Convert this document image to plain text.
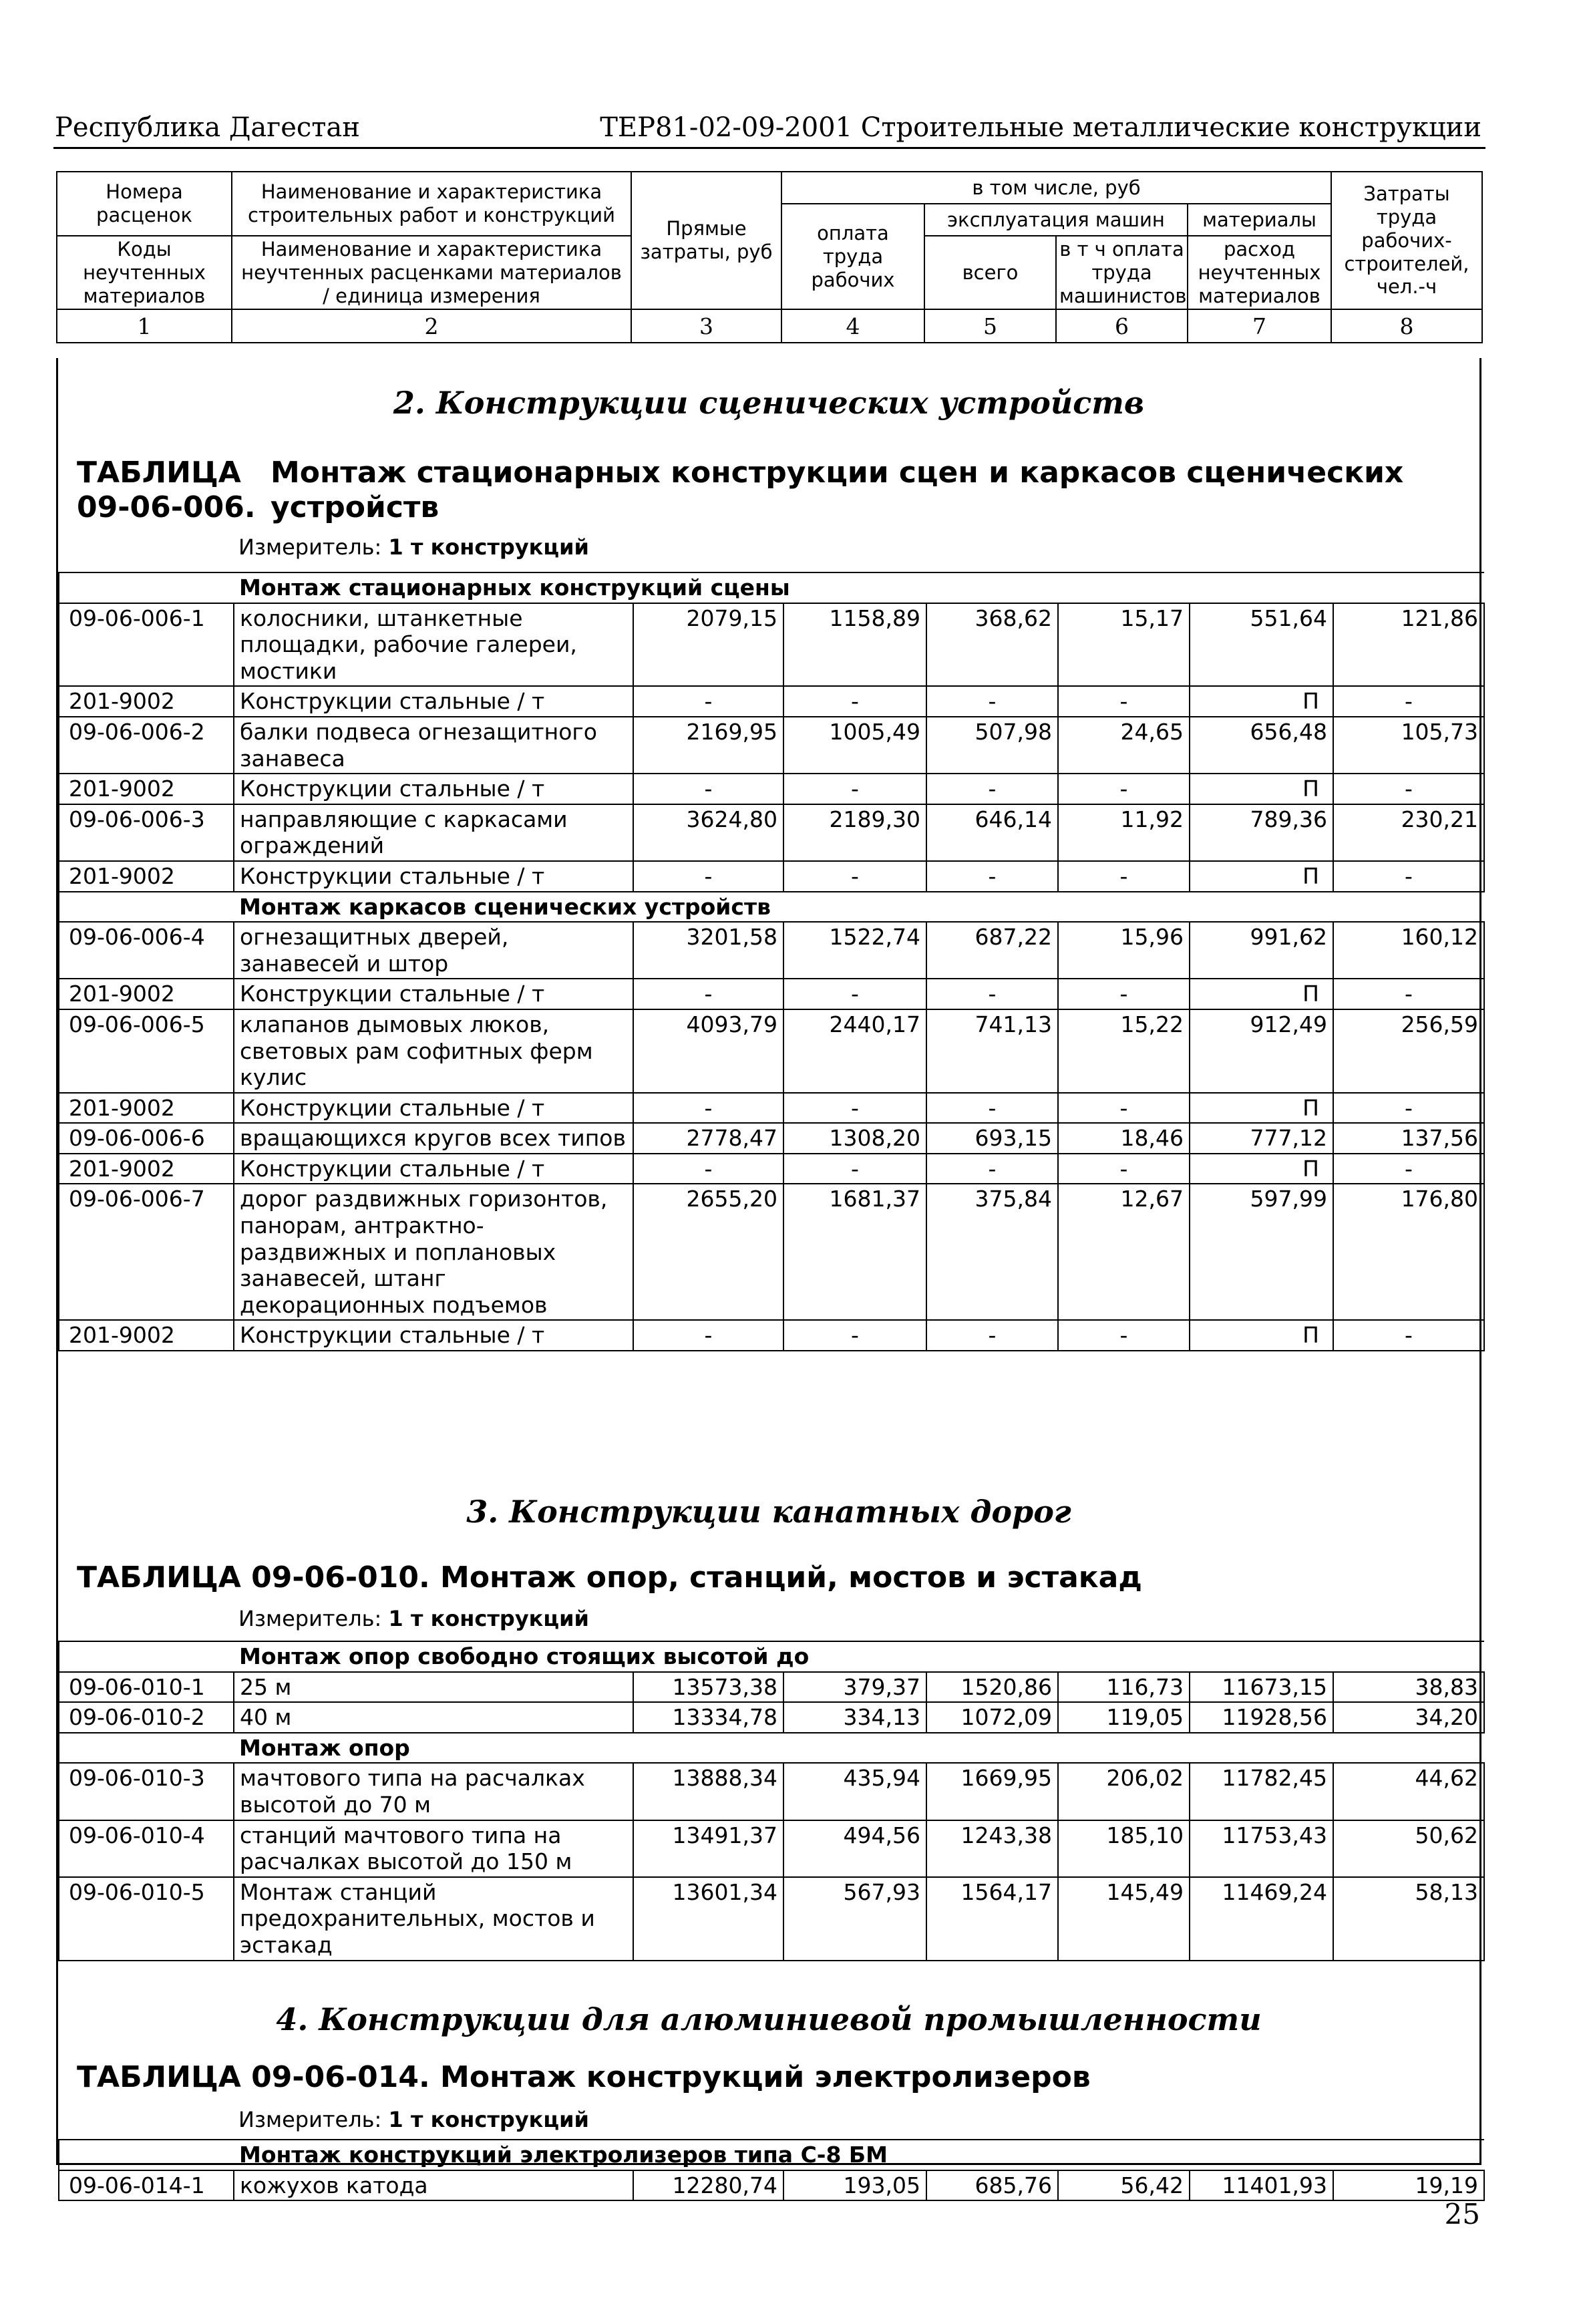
Республика Дагестан	ТЕР81-02-09-2001 Строительные металлические конструкции
Номера расценок	Наименование и характеристика строительных работ и конструкций	Прямые затраты, руб	в том числе, руб				Затраты труда рабочих-строителей, чел.-ч
			оплата труда рабочих	эксплуатация машин		материалы	
Коды неучтенных материалов	Наименование и характеристика неучтенных расценками материалов / единица измерения			всего	в т ч оплата труда машинистов	расход неучтенных материалов	

1	2	3	4	5	6	7	8
2. Конструкции сценических устройств
ТАБЛИЦА 09-06-006.Монтаж стационарных конструкции сцен и каркасов сценических устройств
Измеритель: 1 т конструкций
	Монтаж стационарных конструкций сцены						
09-06-006-1	колосники, штанкетные площадки, рабочие галереи, мостики	2079,15	1158,89	368,62	15,17	551,64	121,86
201-9002	Конструкции стальные / т	-	-	-	-	П	-
09-06-006-2	балки подвеса огнезащитного занавеса	2169,95	1005,49	507,98	24,65	656,48	105,73
201-9002	Конструкции стальные / т	-	-	-	-	П	-
09-06-006-3	направляющие с каркасами ограждений	3624,80	2189,30	646,14	11,92	789,36	230,21
201-9002	Конструкции стальные / т	-	-	-	-	П	-
	Монтаж каркасов сценических устройств						
09-06-006-4	огнезащитных дверей, занавесей и штор	3201,58	1522,74	687,22	15,96	991,62	160,12
201-9002	Конструкции стальные / т	-	-	-	-	П	-
09-06-006-5	клапанов дымовых люков, световых рам софитных ферм кулис	4093,79	2440,17	741,13	15,22	912,49	256,59
201-9002	Конструкции стальные / т	-	-	-	-	П	-
09-06-006-6	вращающихся кругов всех типов	2778,47	1308,20	693,15	18,46	777,12	137,56
201-9002	Конструкции стальные / т	-	-	-	-	П	-
09-06-006-7	дорог раздвижных горизонтов, панорам, антрактно-раздвижных и поплановых занавесей, штанг декорационных подъемов	2655,20	1681,37	375,84	12,67	597,99	176,80
201-9002	Конструкции стальные / т	-	-	-	-	П	-
3. Конструкции канатных дорог
ТАБЛИЦА 09-06-010. Монтаж опор, станций, мостов и эстакад
Измеритель: 1 т конструкций
	Монтаж опор свободно стоящих высотой до						
09-06-010-1	25 м	13573,38	379,37	1520,86	116,73	11673,15	38,83
09-06-010-2	40 м	13334,78	334,13	1072,09	119,05	11928,56	34,20
	Монтаж опор						
09-06-010-3	мачтового типа на расчалках высотой до 70 м	13888,34	435,94	1669,95	206,02	11782,45	44,62
09-06-010-4	станций мачтового типа на расчалках высотой до 150 м	13491,37	494,56	1243,38	185,10	11753,43	50,62
09-06-010-5	Монтаж станций предохранительных, мостов и эстакад	13601,34	567,93	1564,17	145,49	11469,24	58,13
4. Конструкции для алюминиевой промышленности
ТАБЛИЦА 09-06-014. Монтаж конструкций электролизеров
Измеритель: 1 т конструкций
	Монтаж конструкций электролизеров типа С-8 БМ						
09-06-014-1	кожухов катода	12280,74	193,05	685,76	56,42	11401,93	19,19
25
